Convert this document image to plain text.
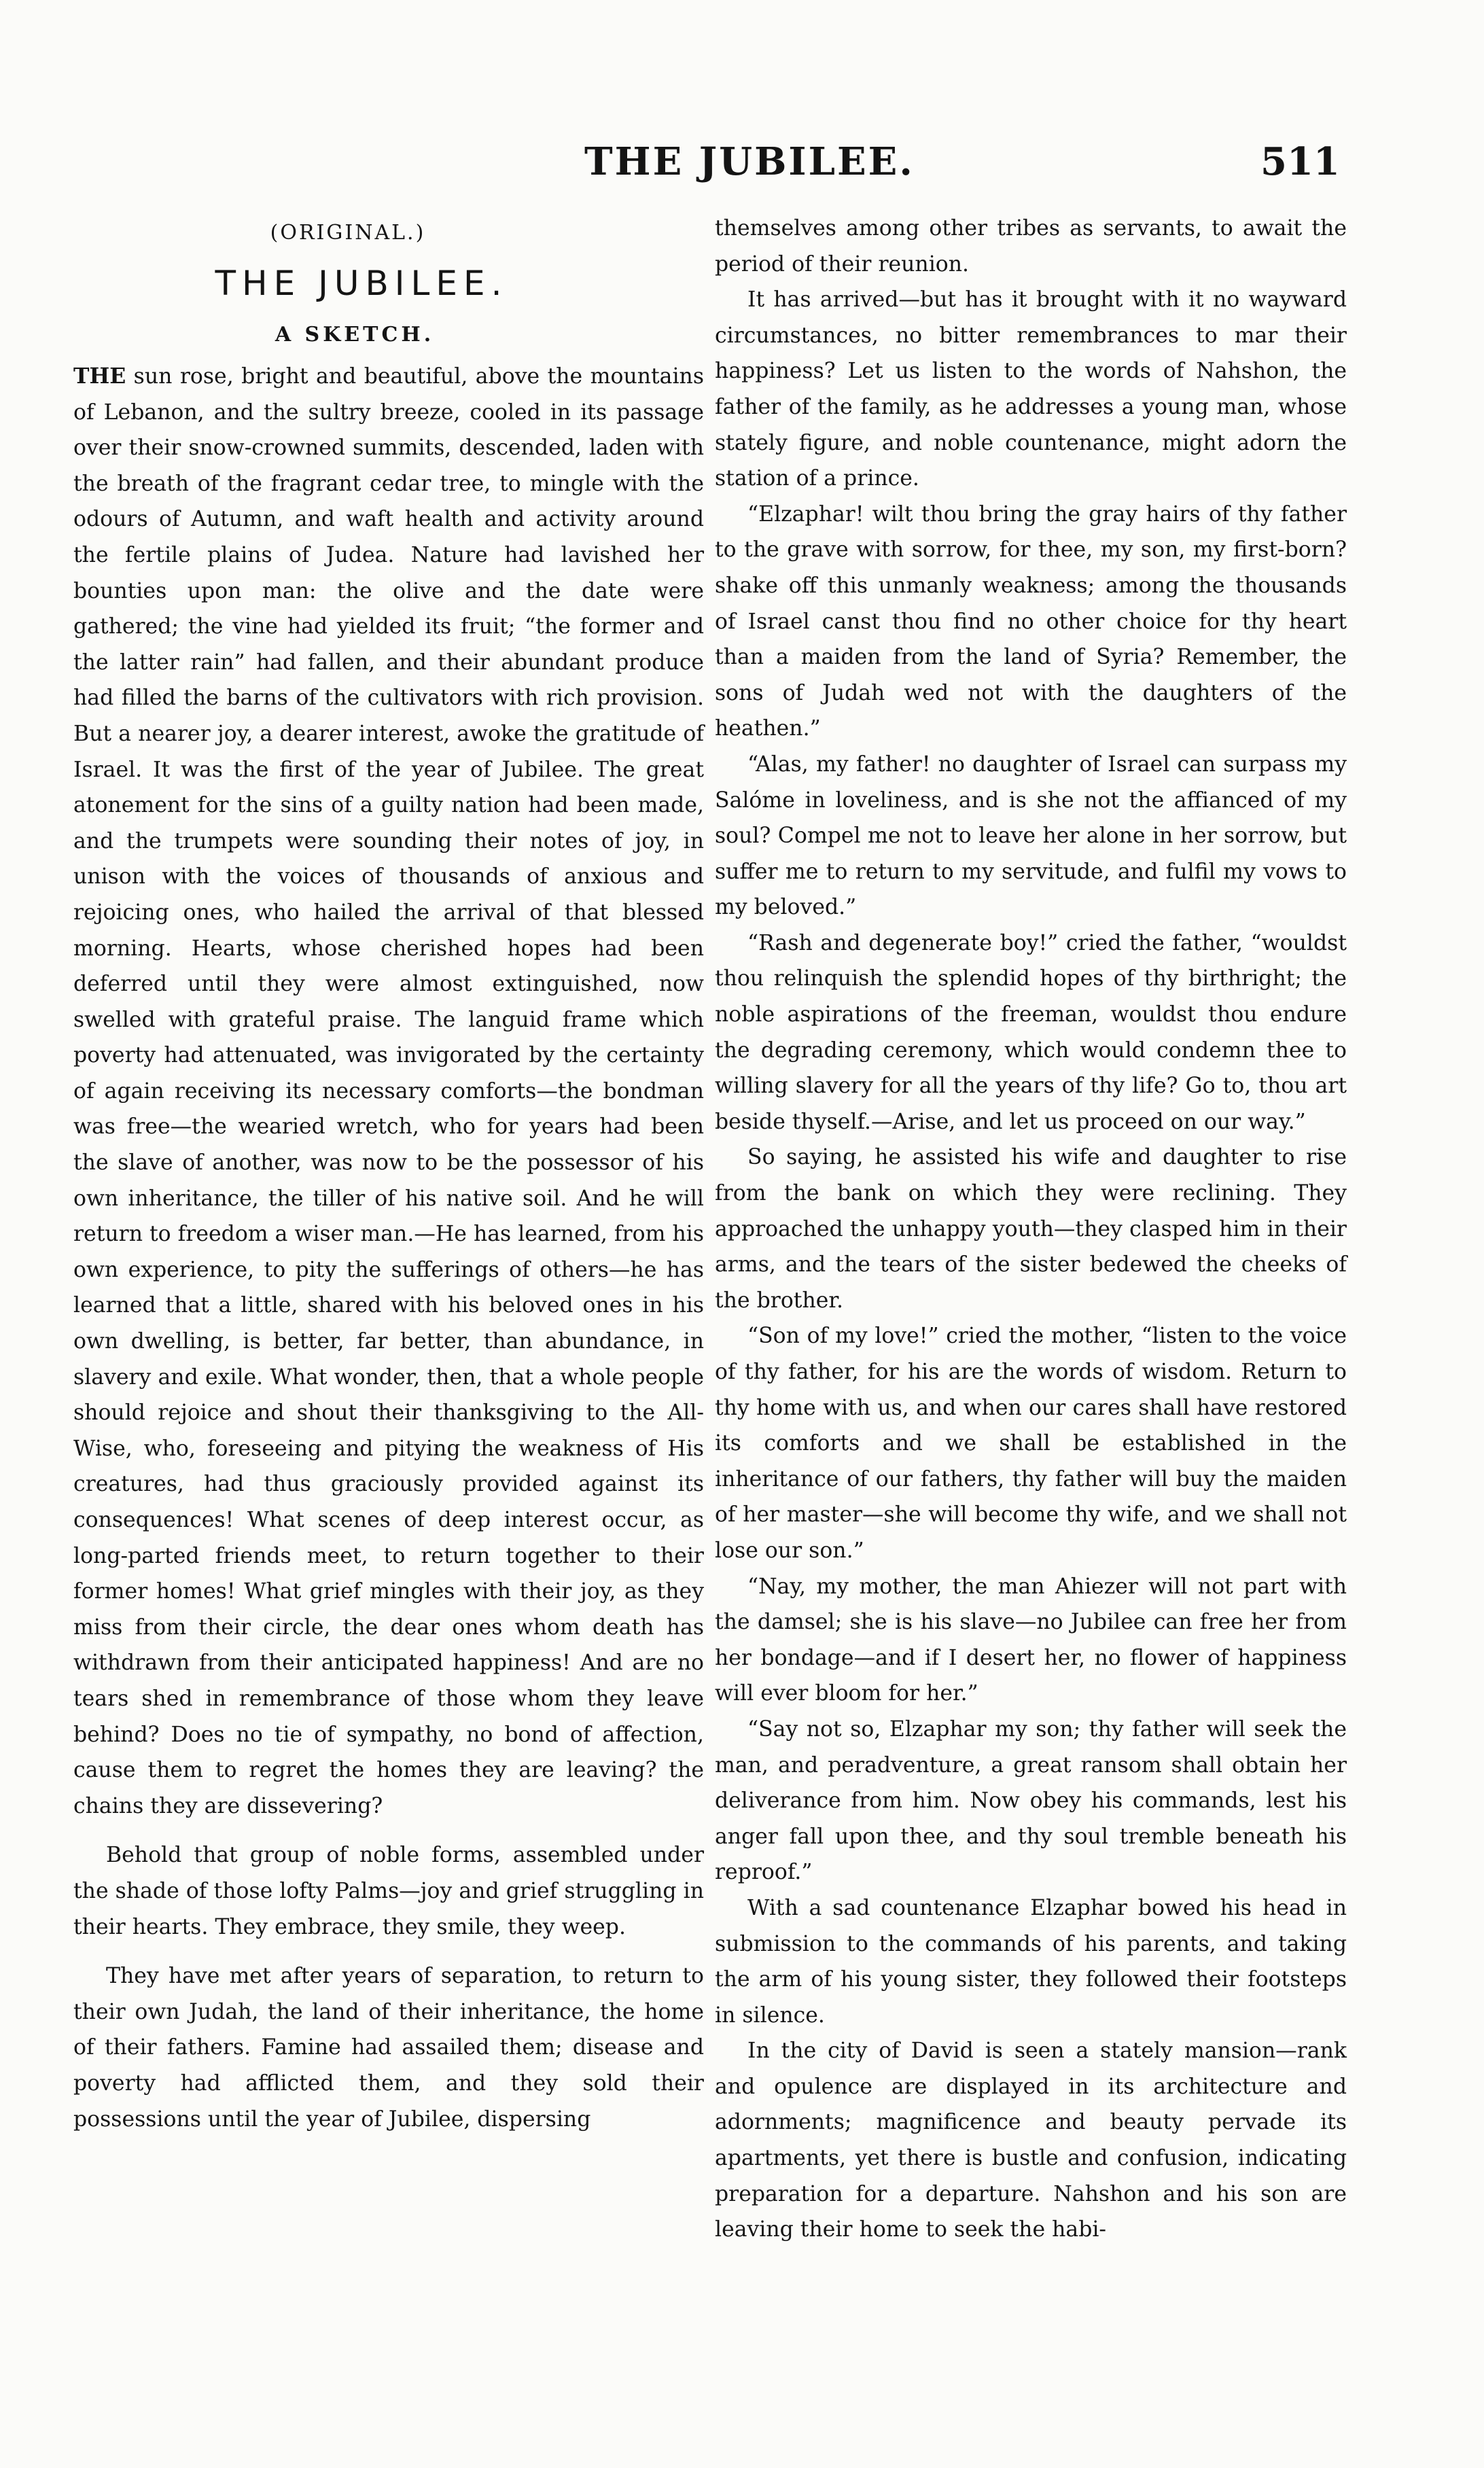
THE JUBILEE.	511
(ORIGINAL.)
THE JUBILEE.
A SKETCH.

THE sun rose, bright and beautiful, above the mountains of Lebanon, and the sultry breeze, cooled in its passage over their snow-crowned summits, descended, laden with the breath of the fragrant cedar tree, to mingle with the odours of Autumn, and waft health and activity around the fertile plains of Judea. Nature had lavished her bounties upon man: the olive and the date were gathered; the vine had yielded its fruit; “the former and the latter rain” had fallen, and their abundant produce had filled the barns of the cultivators with rich provision. But a nearer joy, a dearer interest, awoke the gratitude of Israel. It was the first of the year of Jubilee. The great atonement for the sins of a guilty nation had been made, and the trumpets were sounding their notes of joy, in unison with the voices of thousands of anxious and rejoicing ones, who hailed the arrival of that blessed morning. Hearts, whose cherished hopes had been deferred until they were almost extinguished, now swelled with grateful praise. The languid frame which poverty had attenuated, was invigorated by the certainty of again receiving its necessary comforts—the bondman was free—the wearied wretch, who for years had been the slave of another, was now to be the possessor of his own inheritance, the tiller of his native soil. And he will return to freedom a wiser man.—He has learned, from his own experience, to pity the sufferings of others—he has learned that a little, shared with his beloved ones in his own dwelling, is better, far better, than abundance, in slavery and exile. What wonder, then, that a whole people should rejoice and shout their thanksgiving to the All-Wise, who, foreseeing and pitying the weakness of His creatures, had thus graciously provided against its consequences! What scenes of deep interest occur, as long-parted friends meet, to return together to their former homes! What grief mingles with their joy, as they miss from their circle, the dear ones whom death has withdrawn from their anticipated happiness! And are no tears shed in remembrance of those whom they leave behind? Does no tie of sympathy, no bond of affection, cause them to regret the homes they are leaving? the chains they are dissevering?

Behold that group of noble forms, assembled under the shade of those lofty Palms—joy and grief struggling in their hearts. They embrace, they smile, they weep.

They have met after years of separation, to return to their own Judah, the land of their inheritance, the home of their fathers. Famine had assailed them; disease and poverty had afflicted them, and they sold their possessions until the year of Jubilee, dispersing

themselves among other tribes as servants, to await the period of their reunion.

It has arrived—but has it brought with it no wayward circumstances, no bitter remembrances to mar their happiness? Let us listen to the words of Nahshon, the father of the family, as he addresses a young man, whose stately figure, and noble countenance, might adorn the station of a prince.

“Elzaphar! wilt thou bring the gray hairs of thy father to the grave with sorrow, for thee, my son, my first-born? shake off this unmanly weakness; among the thousands of Israel canst thou find no other choice for thy heart than a maiden from the land of Syria? Remember, the sons of Judah wed not with the daughters of the heathen.”

“Alas, my father! no daughter of Israel can surpass my Salóme in loveliness, and is she not the affianced of my soul? Compel me not to leave her alone in her sorrow, but suffer me to return to my servitude, and fulfil my vows to my beloved.”

“Rash and degenerate boy!” cried the father, “wouldst thou relinquish the splendid hopes of thy birthright; the noble aspirations of the freeman, wouldst thou endure the degrading ceremony, which would condemn thee to willing slavery for all the years of thy life? Go to, thou art beside thyself.—Arise, and let us proceed on our way.”

So saying, he assisted his wife and daughter to rise from the bank on which they were reclining. They approached the unhappy youth—they clasped him in their arms, and the tears of the sister bedewed the cheeks of the brother.

“Son of my love!” cried the mother, “listen to the voice of thy father, for his are the words of wisdom. Return to thy home with us, and when our cares shall have restored its comforts and we shall be established in the inheritance of our fathers, thy father will buy the maiden of her master—she will become thy wife, and we shall not lose our son.”

“Nay, my mother, the man Ahiezer will not part with the damsel; she is his slave—no Jubilee can free her from her bondage—and if I desert her, no flower of happiness will ever bloom for her.”

“Say not so, Elzaphar my son; thy father will seek the man, and peradventure, a great ransom shall obtain her deliverance from him. Now obey his commands, lest his anger fall upon thee, and thy soul tremble beneath his reproof.”

With a sad countenance Elzaphar bowed his head in submission to the commands of his parents, and taking the arm of his young sister, they followed their footsteps in silence.

In the city of David is seen a stately mansion—rank and opulence are displayed in its architecture and adornments; magnificence and beauty pervade its apartments, yet there is bustle and confusion, indicating preparation for a departure. Nahshon and his son are leaving their home to seek the habi-
